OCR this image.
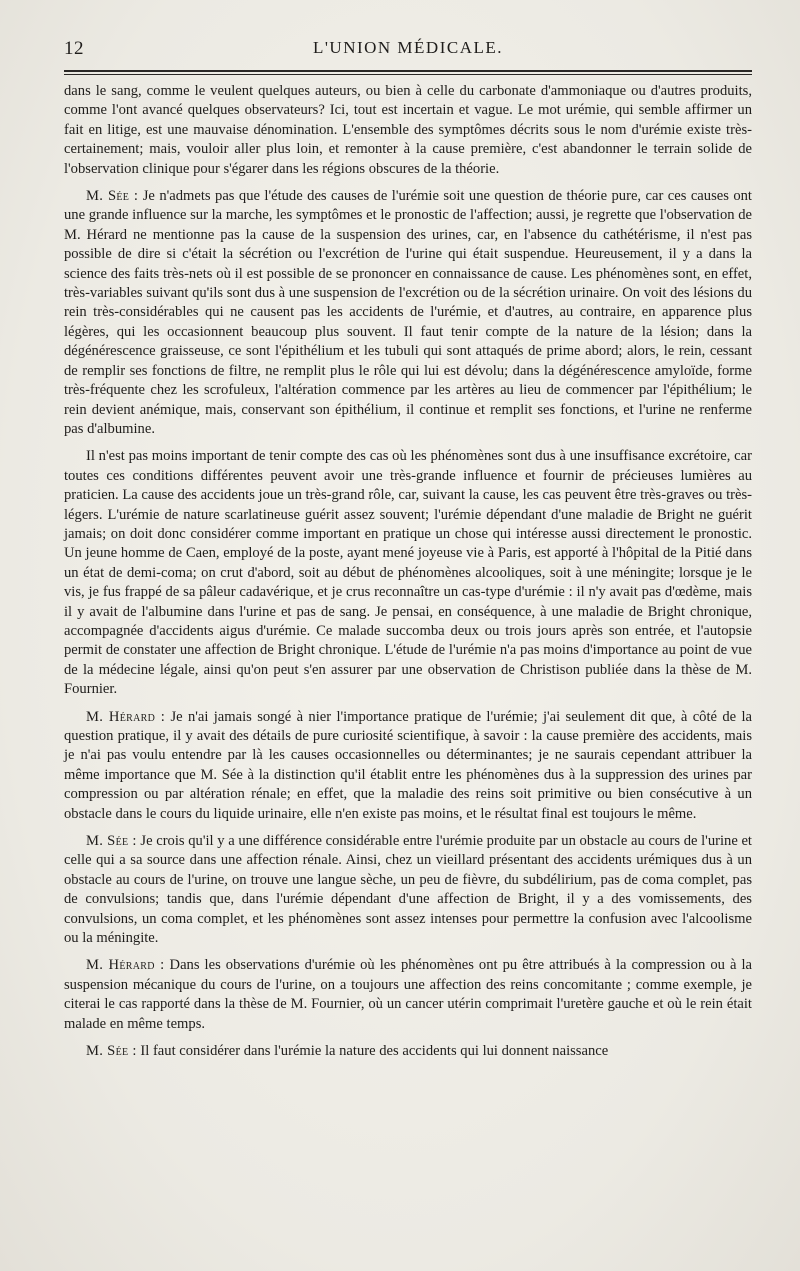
12	L'UNION MÉDICALE.

dans le sang, comme le veulent quelques auteurs, ou bien à celle du carbonate d'ammoniaque ou d'autres produits, comme l'ont avancé quelques observateurs? Ici, tout est incertain et vague. Le mot urémie, qui semble affirmer un fait en litige, est une mauvaise dénomination. L'ensemble des symptômes décrits sous le nom d'urémie existe très-certainement; mais, vouloir aller plus loin, et remonter à la cause première, c'est abandonner le terrain solide de l'observation clinique pour s'égarer dans les régions obscures de la théorie.

M. Sée : Je n'admets pas que l'étude des causes de l'urémie soit une question de théorie pure, car ces causes ont une grande influence sur la marche, les symptômes et le pronostic de l'affection; aussi, je regrette que l'observation de M. Hérard ne mentionne pas la cause de la suspension des urines, car, en l'absence du cathétérisme, il n'est pas possible de dire si c'était la sécrétion ou l'excrétion de l'urine qui était suspendue. Heureusement, il y a dans la science des faits très-nets où il est possible de se prononcer en connaissance de cause. Les phénomènes sont, en effet, très-variables suivant qu'ils sont dus à une suspension de l'excrétion ou de la sécrétion urinaire. On voit des lésions du rein très-considérables qui ne causent pas les accidents de l'urémie, et d'autres, au contraire, en apparence plus légères, qui les occasionnent beaucoup plus souvent. Il faut tenir compte de la nature de la lésion; dans la dégénérescence graisseuse, ce sont l'épithélium et les tubuli qui sont attaqués de prime abord; alors, le rein, cessant de remplir ses fonctions de filtre, ne remplit plus le rôle qui lui est dévolu; dans la dégénérescence amyloïde, forme très-fréquente chez les scrofuleux, l'altération commence par les artères au lieu de commencer par l'épithélium; le rein devient anémique, mais, conservant son épithélium, il continue et remplit ses fonctions, et l'urine ne renferme pas d'albumine.

Il n'est pas moins important de tenir compte des cas où les phénomènes sont dus à une insuffisance excrétoire, car toutes ces conditions différentes peuvent avoir une très-grande influence et fournir de précieuses lumières au praticien. La cause des accidents joue un très-grand rôle, car, suivant la cause, les cas peuvent être très-graves ou très-légers. L'urémie de nature scarlatineuse guérit assez souvent; l'urémie dépendant d'une maladie de Bright ne guérit jamais; on doit donc considérer comme important en pratique un chose qui intéresse aussi directement le pronostic. Un jeune homme de Caen, employé de la poste, ayant mené joyeuse vie à Paris, est apporté à l'hôpital de la Pitié dans un état de demi-coma; on crut d'abord, soit au début de phénomènes alcooliques, soit à une méningite; lorsque je le vis, je fus frappé de sa pâleur cadavérique, et je crus reconnaître un cas-type d'urémie : il n'y avait pas d'œdème, mais il y avait de l'albumine dans l'urine et pas de sang. Je pensai, en conséquence, à une maladie de Bright chronique, accompagnée d'accidents aigus d'urémie. Ce malade succomba deux ou trois jours après son entrée, et l'autopsie permit de constater une affection de Bright chronique. L'étude de l'urémie n'a pas moins d'importance au point de vue de la médecine légale, ainsi qu'on peut s'en assurer par une observation de Christison publiée dans la thèse de M. Fournier.

M. Hérard : Je n'ai jamais songé à nier l'importance pratique de l'urémie; j'ai seulement dit que, à côté de la question pratique, il y avait des détails de pure curiosité scientifique, à savoir : la cause première des accidents, mais je n'ai pas voulu entendre par là les causes occasionnelles ou déterminantes; je ne saurais cependant attribuer la même importance que M. Sée à la distinction qu'il établit entre les phénomènes dus à la suppression des urines par compression ou par altération rénale; en effet, que la maladie des reins soit primitive ou bien consécutive à un obstacle dans le cours du liquide urinaire, elle n'en existe pas moins, et le résultat final est toujours le même.

M. Sée : Je crois qu'il y a une différence considérable entre l'urémie produite par un obstacle au cours de l'urine et celle qui a sa source dans une affection rénale. Ainsi, chez un vieillard présentant des accidents urémiques dus à un obstacle au cours de l'urine, on trouve une langue sèche, un peu de fièvre, du subdélirium, pas de coma complet, pas de convulsions; tandis que, dans l'urémie dépendant d'une affection de Bright, il y a des vomissements, des convulsions, un coma complet, et les phénomènes sont assez intenses pour permettre la confusion avec l'alcoolisme ou la méningite.

M. Hérard : Dans les observations d'urémie où les phénomènes ont pu être attribués à la compression ou à la suspension mécanique du cours de l'urine, on a toujours une affection des reins concomitante ; comme exemple, je citerai le cas rapporté dans la thèse de M. Fournier, où un cancer utérin comprimait l'uretère gauche et où le rein était malade en même temps.

M. Sée : Il faut considérer dans l'urémie la nature des accidents qui lui donnent naissance
